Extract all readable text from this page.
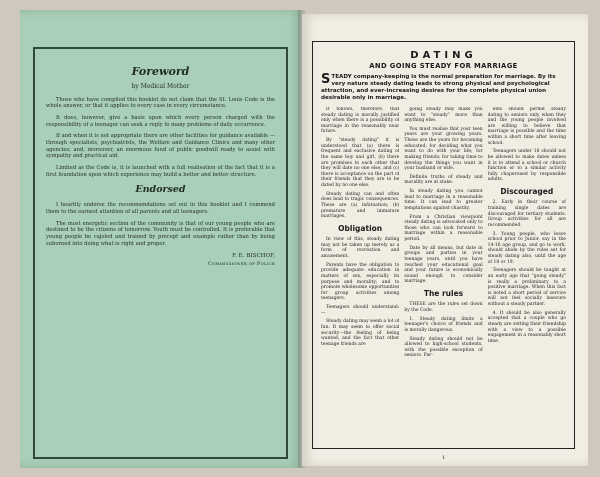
Foreword
by Medical Mother

Those who have compiled this booklet do not claim that the St. Louis Code is the whole answer, or that it applies to every case in every circumstance.

It does, however, give a basis upon which every person charged with the responsibility of a teenager can seek a reply to many problems of daily occurrence.

If and when it is not appropriate there are other facilities for guidance available — through specialists, psychiatrists, the Welfare and Guidance Clinics and many other agencies; and, moreover, an enormous fund of public goodwill ready to assist with sympathy and practical aid.

Limited as the Code is, it is launched with a full realisation of the fact that it is a first foundation upon which experience may build a better and better structure.

Endorsed

I heartily endorse the recommendations set out in this booklet and I commend them to the earnest attention of all parents and all teenagers.

The most energetic section of the community is that of our young people who are destined to be the citizens of tomorrow. Youth must be controlled. It is preferable that young people be cajoled and trained by precept and example rather than by being suborned into doing what is right and proper.

F. E. BISCHOF,
Commissioner of Police
DATING
AND GOING STEADY FOR MARRIAGE
STEADY company-keeping is the normal preparation for marriage. By its very nature steady dating leads to strong physical and psychological attraction, and ever-increasing desires for the complete physical union desirable only in marriage.

It follows, therefore, that steady dating is morally justified only when there is a possibility of marriage in the reasonably near future.

By "steady dating" it is understood that (a) there is frequent and exclusive dating of the same boy and girl, (b) there are promises to each other that they will date no one else, and (c) there is acceptance on the part of their friends that they are to be dated by no one else.

Steady dating can and often does lead to tragic consequences. These are (a) infatuation; (b) premature and immature marriages.

Obligation

In view of this, steady dating may not be taken up merely as a form of recreation and amusement.

Parents have the obligation to provide adequate education in matters of sex, especially its purpose and morality; and to promote wholesome opportunities for group activities among teenagers.

Teenagers should understand:—

Steady dating may seem a lot of fun. It may seem to offer social security—the feeling of being wanted; and the fact that other teenage friends are

going steady may make you want to "steady" more than anything else.

You must realise that your teen years are your growing years. These are the years for becoming educated; for deciding what you want to do with your life; for making friends; for taking time to develop the things you want in your husband or wife.

Definite truths of steady and morality are at stake.

In steady dating you cannot lead to marriage in a reasonable time. It can lead to greater temptations against chastity.

From a Christian viewpoint steady dating is advocated only to those who can look forward to marriage within a reasonable period.

Date by all means, but date in groups and parties in your teenage years, until you have reached your educational goal and your future is economically sound enough to consider marriage.

The rules

THESE are the rules set down by the Code.

1. Steady dating limits a teenager's choice of friends and is morally dangerous.

Steady dating should not be allowed to high-school students, with the possible exception of seniors. Par-

ents should permit steady dating to seniors only when they and the young people involved are willing to believe that marriage is possible and the time within a short time after leaving school.

Teenagers under 16 should not be allowed to make dates unless it is to attend a school or church function or to a similar activity fully chaperoned by responsible adults.

Discouraged

2. Early in their course of training single dates are discouraged for tertiary students. Group activities for all are recommended.

3. Young people, who leave school prior to Junior, say in the 14-16 age group, and go to work, should abide by the rules set for steady dating also, until the age of 18 or 19.

Teenagers should be taught at an early age that "going steady" is really a preliminary to a positive marriage. When this fact is noted a short period of service will not feel socially insecure without a steady partner.

4. It should be also generally accepted that a couple who go steady are setting their friendship with a view to a possible engagement in a reasonably short time.

1
